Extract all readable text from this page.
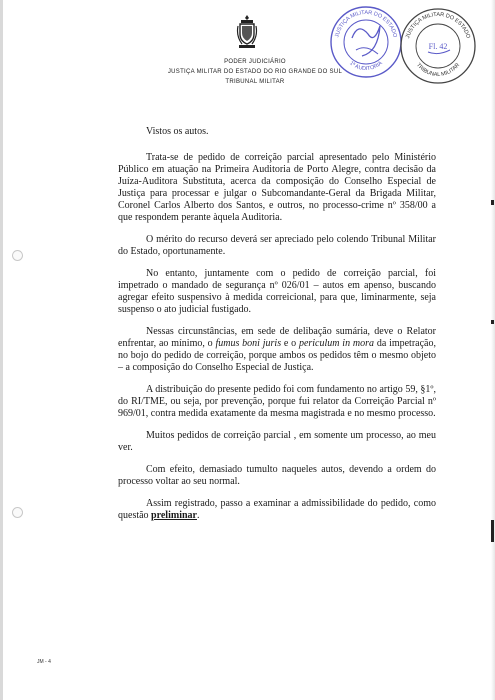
PODER JUDICIÁRIO
JUSTIÇA MILITAR DO ESTADO DO RIO GRANDE DO SUL
TRIBUNAL MILITAR
JUSTIÇA MILITAR DO ESTADO
1ª AUDITORIA
JUSTIÇA MILITAR DO ESTADO
TRIBUNAL MILITAR
Fl. 42

Vistos os autos.

Trata-se de pedido de correição parcial apresentado pelo Ministério Público em atuação na Primeira Auditoria de Porto Alegre, contra decisão da Juíza-Auditora Substituta, acerca da composição do Conselho Especial de Justiça para processar e julgar o Subcomandante-Geral da Brigada Militar, Coronel Carlos Alberto dos Santos, e outros, no processo-crime nº 358/00 a que respondem perante àquela Auditoria.

O mérito do recurso deverá ser apreciado pelo colendo Tribunal Militar do Estado, oportunamente.

No entanto, juntamente com o pedido de correição parcial, foi impetrado o mandado de segurança nº 026/01 – autos em apenso, buscando agregar efeito suspensivo à medida correicional, para que, liminarmente, seja suspenso o ato judicial fustigado.

Nessas circunstâncias, em sede de delibação sumária, deve o Relator enfrentar, ao mínimo, o fumus boni juris e o periculum in mora da impetração, no bojo do pedido de correição, porque ambos os pedidos têm o mesmo objeto – a composição do Conselho Especial de Justiça.

A distribuição do presente pedido foi com fundamento no artigo 59, §1º, do RI/TME, ou seja, por prevenção, porque fui relator da Correição Parcial nº 969/01, contra medida exatamente da mesma magistrada e no mesmo processo.

Muitos pedidos de correição parcial , em somente um processo, ao meu ver.

Com efeito, demasiado tumulto naqueles autos, devendo a ordem do processo voltar ao seu normal.

Assim registrado, passo a examinar a admissibilidade do pedido, como questão preliminar.

JM - 4
